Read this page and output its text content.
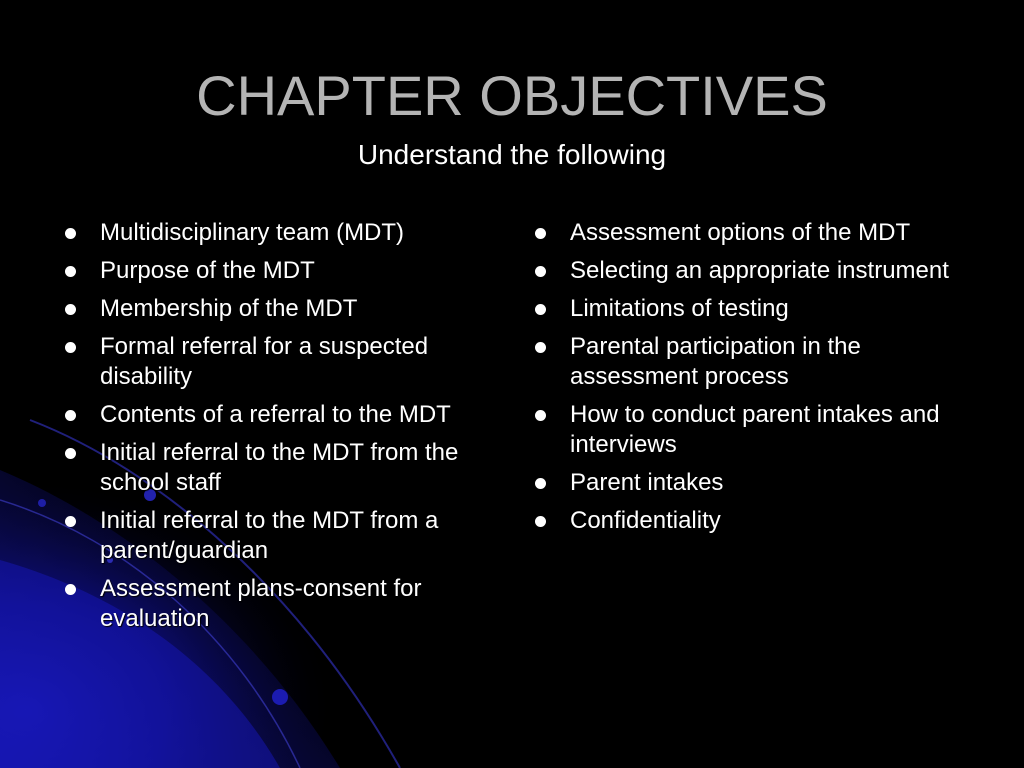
CHAPTER OBJECTIVES
Understand the following
Multidisciplinary team (MDT)
Purpose of the MDT
Membership of the MDT
Formal referral for a suspected disability
Contents of a referral to the MDT
Initial referral to the MDT from the school staff
Initial referral to the MDT from a parent/guardian
Assessment plans-consent for evaluation
Assessment options of the MDT
Selecting an appropriate instrument
Limitations of testing
Parental participation in the assessment process
How to conduct parent intakes and interviews
Parent intakes
Confidentiality
